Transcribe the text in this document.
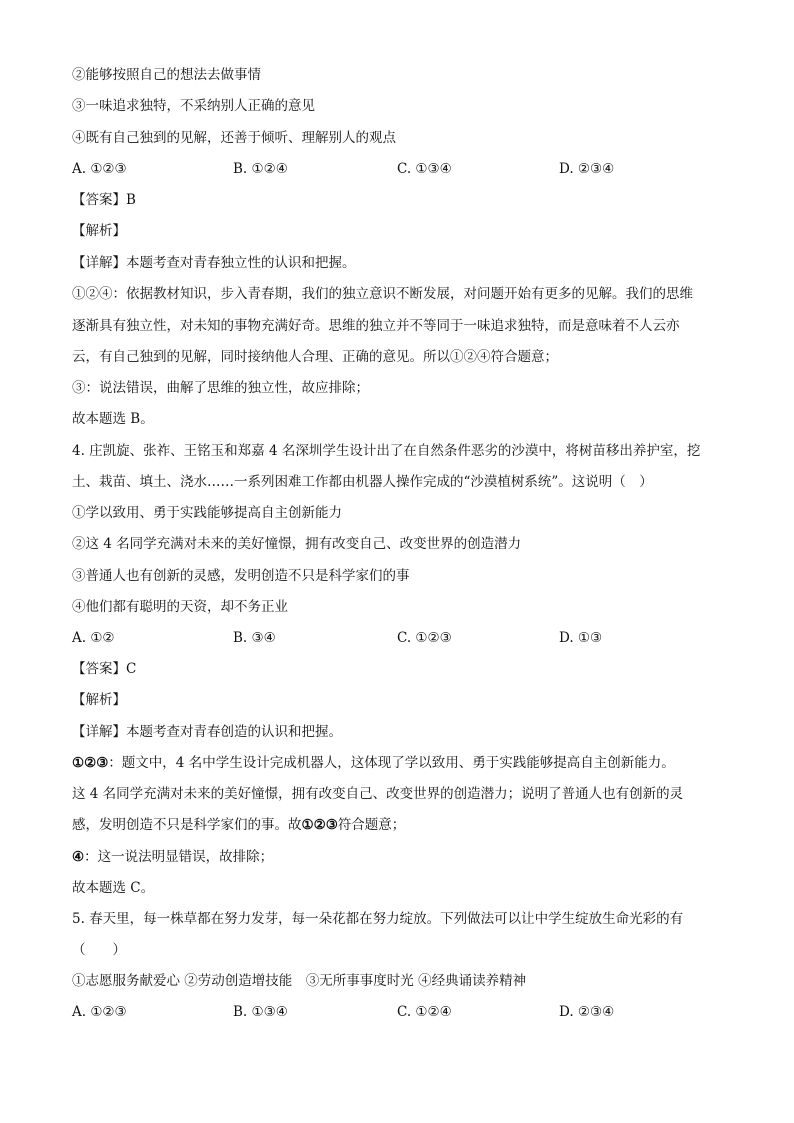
②能够按照自己的想法去做事情
③一味追求独特，不采纳别人正确的意见
④既有自己独到的见解，还善于倾听、理解别人的观点
A. ①②③	B. ①②④	C. ①③④	D. ②③④
【答案】B
【解析】
【详解】本题考查对青春独立性的认识和把握。
①②④：依据教材知识，步入青春期，我们的独立意识不断发展，对问题开始有更多的见解。我们的思维
逐渐具有独立性，对未知的事物充满好奇。思维的独立并不等同于一味追求独特，而是意味着不人云亦
云，有自己独到的见解，同时接纳他人合理、正确的意见。所以①②④符合题意；
③：说法错误，曲解了思维的独立性，故应排除；
故本题选 B。
4. 庄凯旋、张祚、王铭玉和郑嘉 4 名深圳学生设计出了在自然条件恶劣的沙漠中，将树苗移出养护室，挖
土、栽苗、填土、浇水……一系列困难工作都由机器人操作完成的“沙漠植树系统”。这说明（　）
①学以致用、勇于实践能够提高自主创新能力
②这 4 名同学充满对未来的美好憧憬，拥有改变自己、改变世界的创造潜力
③普通人也有创新的灵感，发明创造不只是科学家们的事
④他们都有聪明的天资，却不务正业
A. ①②	B. ③④	C. ①②③	D. ①③
【答案】C
【解析】
【详解】本题考查对青春创造的认识和把握。
①②③：题文中，4 名中学生设计完成机器人，这体现了学以致用、勇于实践能够提高自主创新能力。
这 4 名同学充满对未来的美好憧憬，拥有改变自己、改变世界的创造潜力；说明了普通人也有创新的灵
感，发明创造不只是科学家们的事。故①②③符合题意；
④：这一说法明显错误，故排除；
故本题选 C。
5. 春天里，每一株草都在努力发芽，每一朵花都在努力绽放。下列做法可以让中学生绽放生命光彩的有
（　　）
①志愿服务献爱心 ②劳动创造增技能　③无所事事度时光 ④经典诵读养精神
A. ①②③	B. ①③④	C. ①②④	D. ②③④
